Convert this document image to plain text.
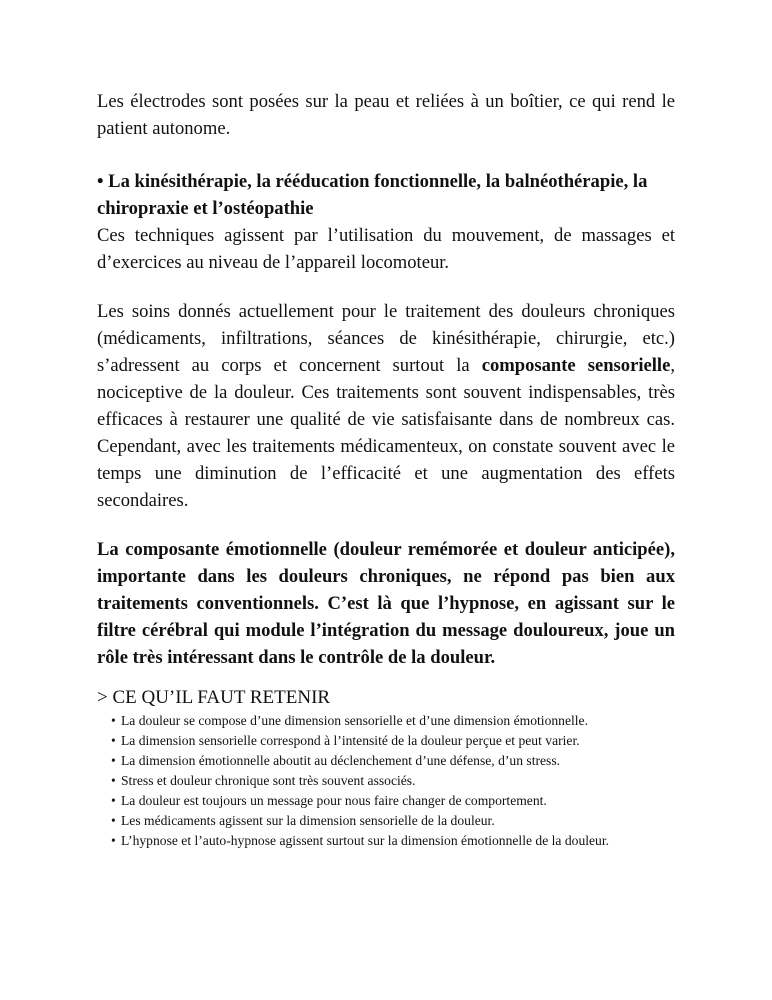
Les électrodes sont posées sur la peau et reliées à un boîtier, ce qui rend le patient autonome.

• La kinésithérapie, la rééducation fonctionnelle, la balnéothérapie, la chiropraxie et l’ostéopathie

Ces techniques agissent par l’utilisation du mouvement, de massages et d’exercices au niveau de l’appareil locomoteur.

Les soins donnés actuellement pour le traitement des douleurs chroniques (médicaments, infiltrations, séances de kinésithérapie, chirurgie, etc.) s’adressent au corps et concernent surtout la composante sensorielle, nociceptive de la douleur. Ces traitements sont souvent indispensables, très efficaces à restaurer une qualité de vie satisfaisante dans de nombreux cas. Cependant, avec les traitements médicamenteux, on constate souvent avec le temps une diminution de l’efficacité et une augmentation des effets secondaires.

La composante émotionnelle (douleur remémorée et douleur anticipée), importante dans les douleurs chroniques, ne répond pas bien aux traitements conventionnels. C’est là que l’hypnose, en agissant sur le filtre cérébral qui module l’intégration du message douloureux, joue un rôle très intéressant dans le contrôle de la douleur.

> CE QU’IL FAUT RETENIR

• La douleur se compose d’une dimension sensorielle et d’une dimension émotionnelle.
• La dimension sensorielle correspond à l’intensité de la douleur perçue et peut varier.
• La dimension émotionnelle aboutit au déclenchement d’une défense, d’un stress.
• Stress et douleur chronique sont très souvent associés.
• La douleur est toujours un message pour nous faire changer de comportement.
• Les médicaments agissent sur la dimension sensorielle de la douleur.
• L’hypnose et l’auto-hypnose agissent surtout sur la dimension émotionnelle de la douleur.
